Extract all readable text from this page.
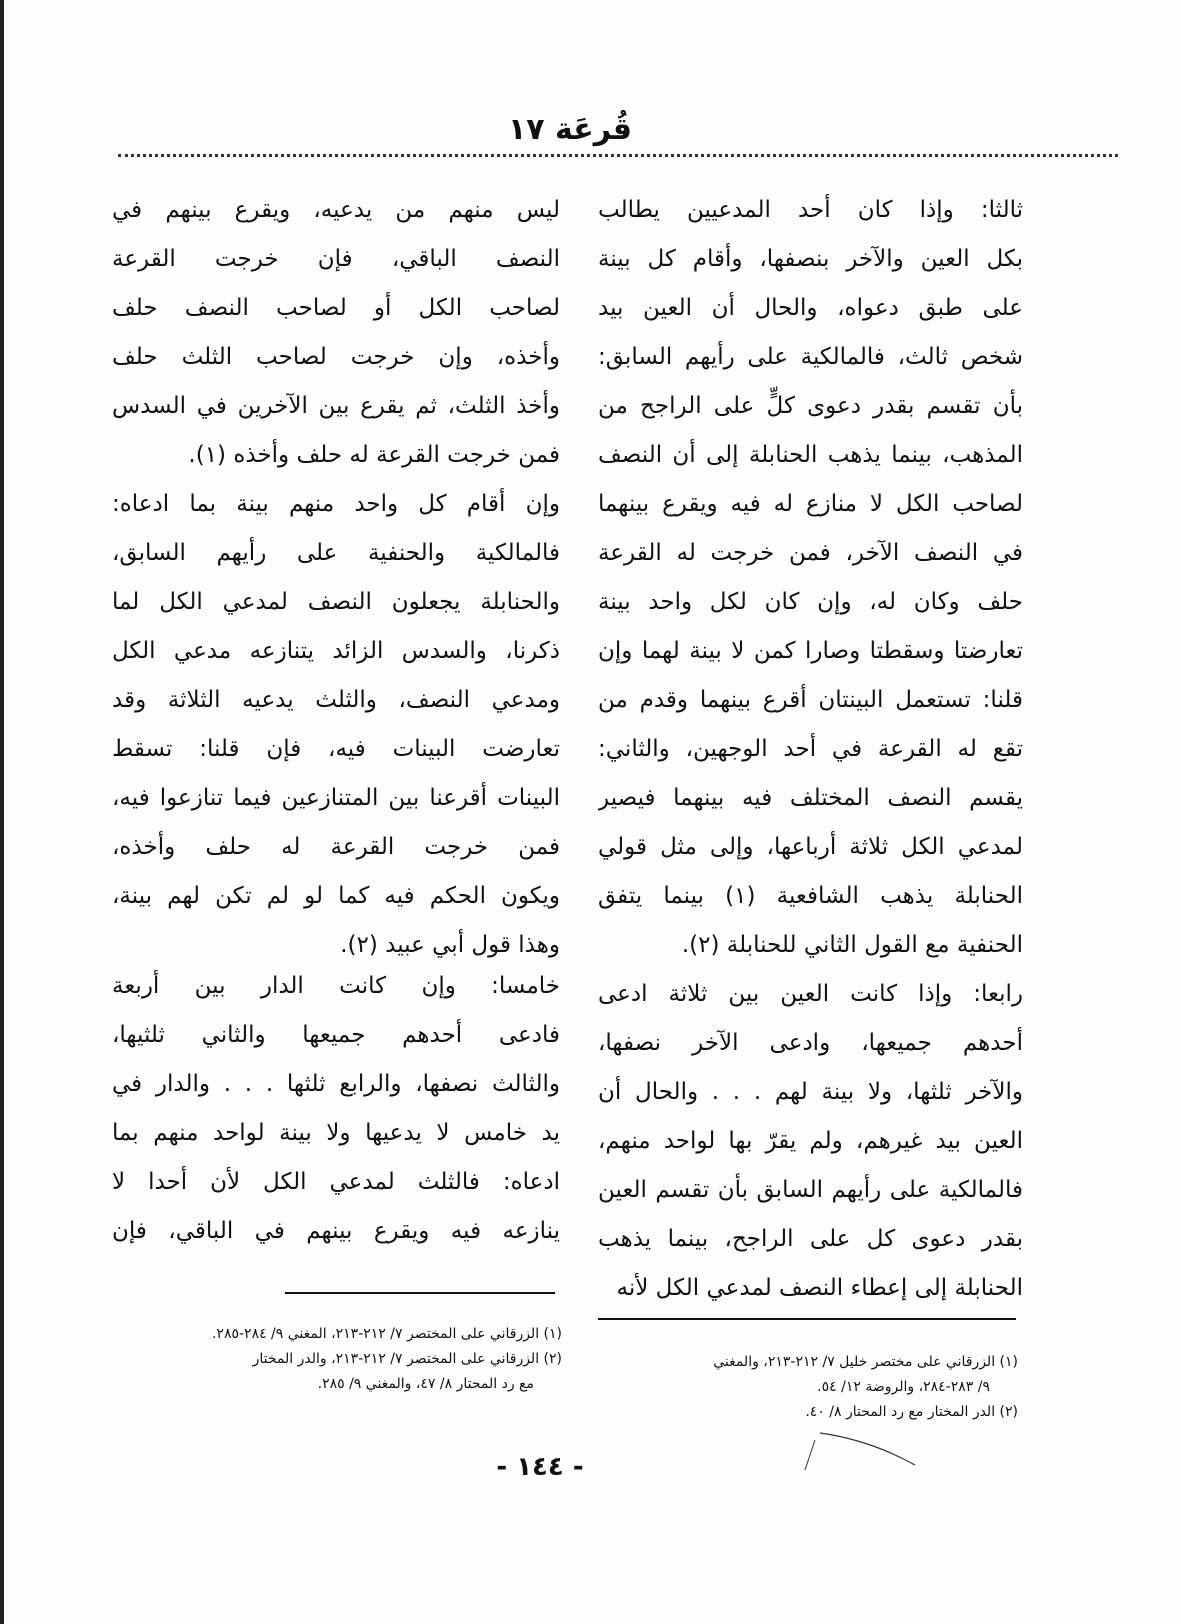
قُرعَة ١٧
ثالثا: وإذا كان أحد المدعيين يطالب
بكل العين والآخر بنصفها، وأقام كل بينة
على طبق دعواه، والحال أن العين بيد
شخص ثالث، فالمالكية على رأيهم السابق:
بأن تقسم بقدر دعوى كلٍّ على الراجح من
المذهب، بينما يذهب الحنابلة إلى أن النصف
لصاحب الكل لا منازع له فيه ويقرع بينهما
في النصف الآخر، فمن خرجت له القرعة
حلف وكان له، وإن كان لكل واحد بينة
تعارضتا وسقطتا وصارا كمن لا بينة لهما وإن
قلنا: تستعمل البينتان أقرع بينهما وقدم من
تقع له القرعة في أحد الوجهين، والثاني:
يقسم النصف المختلف فيه بينهما فيصير
لمدعي الكل ثلاثة أرباعها، وإلى مثل قولي
الحنابلة يذهب الشافعية (١) بينما يتفق
الحنفية مع القول الثاني للحنابلة (٢).
رابعا: وإذا كانت العين بين ثلاثة ادعى
أحدهم جميعها، وادعى الآخر نصفها،
والآخر ثلثها، ولا بينة لهم . . . والحال أن
العين بيد غيرهم، ولم يقرّ بها لواحد منهم،
فالمالكية على رأيهم السابق بأن تقسم العين
بقدر دعوى كل على الراجح، بينما يذهب
الحنابلة إلى إعطاء النصف لمدعي الكل لأنه
ليس منهم من يدعيه، ويقرع بينهم في
النصف الباقي، فإن خرجت القرعة
لصاحب الكل أو لصاحب النصف حلف
وأخذه، وإن خرجت لصاحب الثلث حلف
وأخذ الثلث، ثم يقرع بين الآخرين في السدس
فمن خرجت القرعة له حلف وأخذه (١).
وإن أقام كل واحد منهم بينة بما ادعاه:
فالمالكية والحنفية على رأيهم السابق،
والحنابلة يجعلون النصف لمدعي الكل لما
ذكرنا، والسدس الزائد يتنازعه مدعي الكل
ومدعي النصف، والثلث يدعيه الثلاثة وقد
تعارضت البينات فيه، فإن قلنا: تسقط
البينات أقرعنا بين المتنازعين فيما تنازعوا فيه،
فمن خرجت القرعة له حلف وأخذه،
ويكون الحكم فيه كما لو لم تكن لهم بينة،
وهذا قول أبي عبيد (٢).
خامسا: وإن كانت الدار بين أربعة
فادعى أحدهم جميعها والثاني ثلثيها،
والثالث نصفها، والرابع ثلثها . . . والدار في
يد خامس لا يدعيها ولا بينة لواحد منهم بما
ادعاه: فالثلث لمدعي الكل لأن أحدا لا
ينازعه فيه ويقرع بينهم في الباقي، فإن
(١) الزرقاني على المختصر ٧/ ٢١٢-٢١٣، المغني ٩/ ٢٨٤-٢٨٥.
(٢) الزرقاني على المختصر ٧/ ٢١٢-٢١٣، والدر المختار
مع رد المحتار ٨/ ٤٧، والمغني ٩/ ٢٨٥.
(١) الزرقاني على مختصر خليل ٧/ ٢١٢-٢١٣، والمغني
٩/ ٢٨٣-٢٨٤، والروضة ١٢/ ٥٤.
(٢) الدر المختار مع رد المحتار ٨/ ٤٠.
- ١٤٤ -
